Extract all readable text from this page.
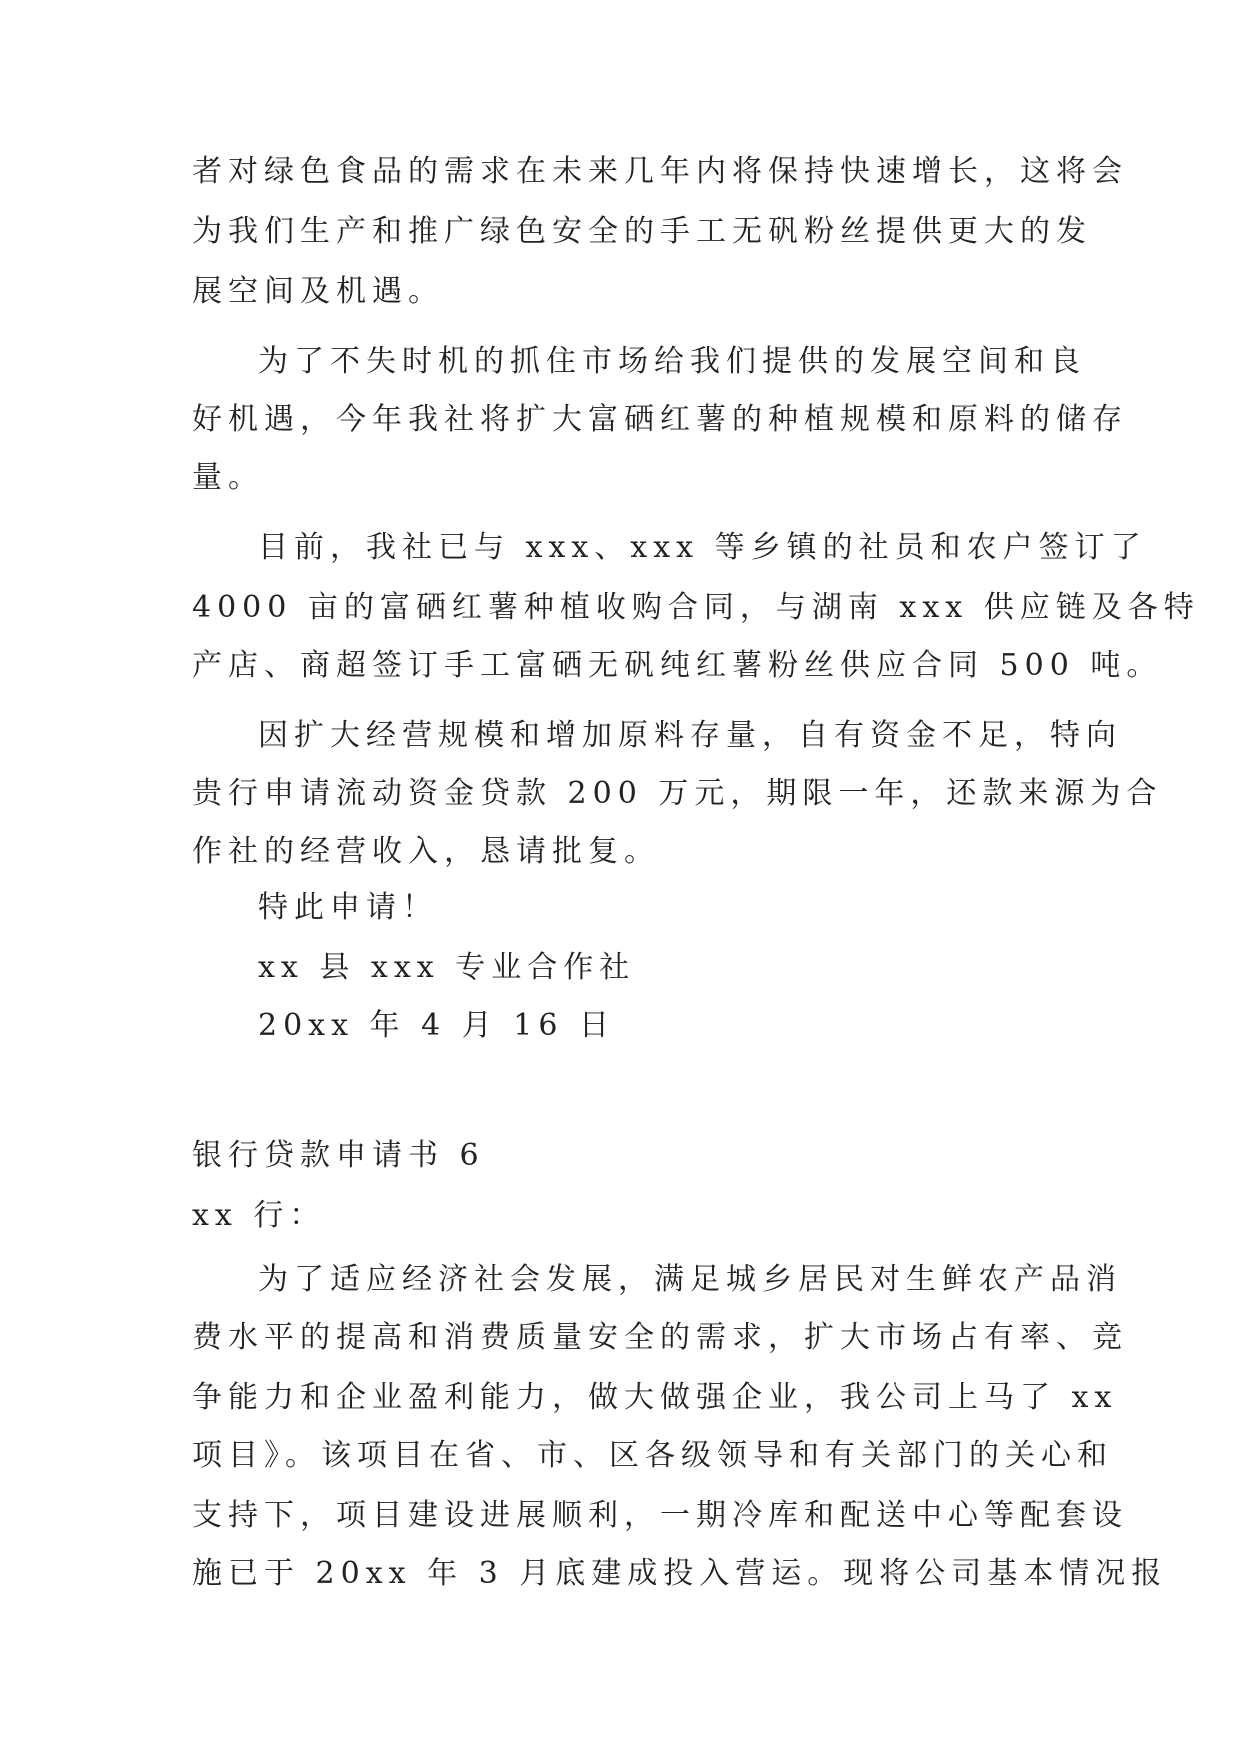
者对绿色食品的需求在未来几年内将保持快速增长，这将会
为我们生产和推广绿色安全的手工无矾粉丝提供更大的发
展空间及机遇。
为了不失时机的抓住市场给我们提供的发展空间和良
好机遇，今年我社将扩大富硒红薯的种植规模和原料的储存
量。
目前，我社已与 xxx、xxx 等乡镇的社员和农户签订了
4000 亩的富硒红薯种植收购合同，与湖南 xxx 供应链及各特
产店、商超签订手工富硒无矾纯红薯粉丝供应合同 500 吨。
因扩大经营规模和增加原料存量，自有资金不足，特向
贵行申请流动资金贷款 200 万元，期限一年，还款来源为合
作社的经营收入，恳请批复。
特此申请！
xx 县 xxx 专业合作社
20xx 年 4 月 16 日
银行贷款申请书 6
xx 行：
为了适应经济社会发展，满足城乡居民对生鲜农产品消
费水平的提高和消费质量安全的需求，扩大市场占有率、竞
争能力和企业盈利能力，做大做强企业，我公司上马了 xx
项目》。该项目在省、市、区各级领导和有关部门的关心和
支持下，项目建设进展顺利，一期冷库和配送中心等配套设
施已于 20xx 年 3 月底建成投入营运。现将公司基本情况报
